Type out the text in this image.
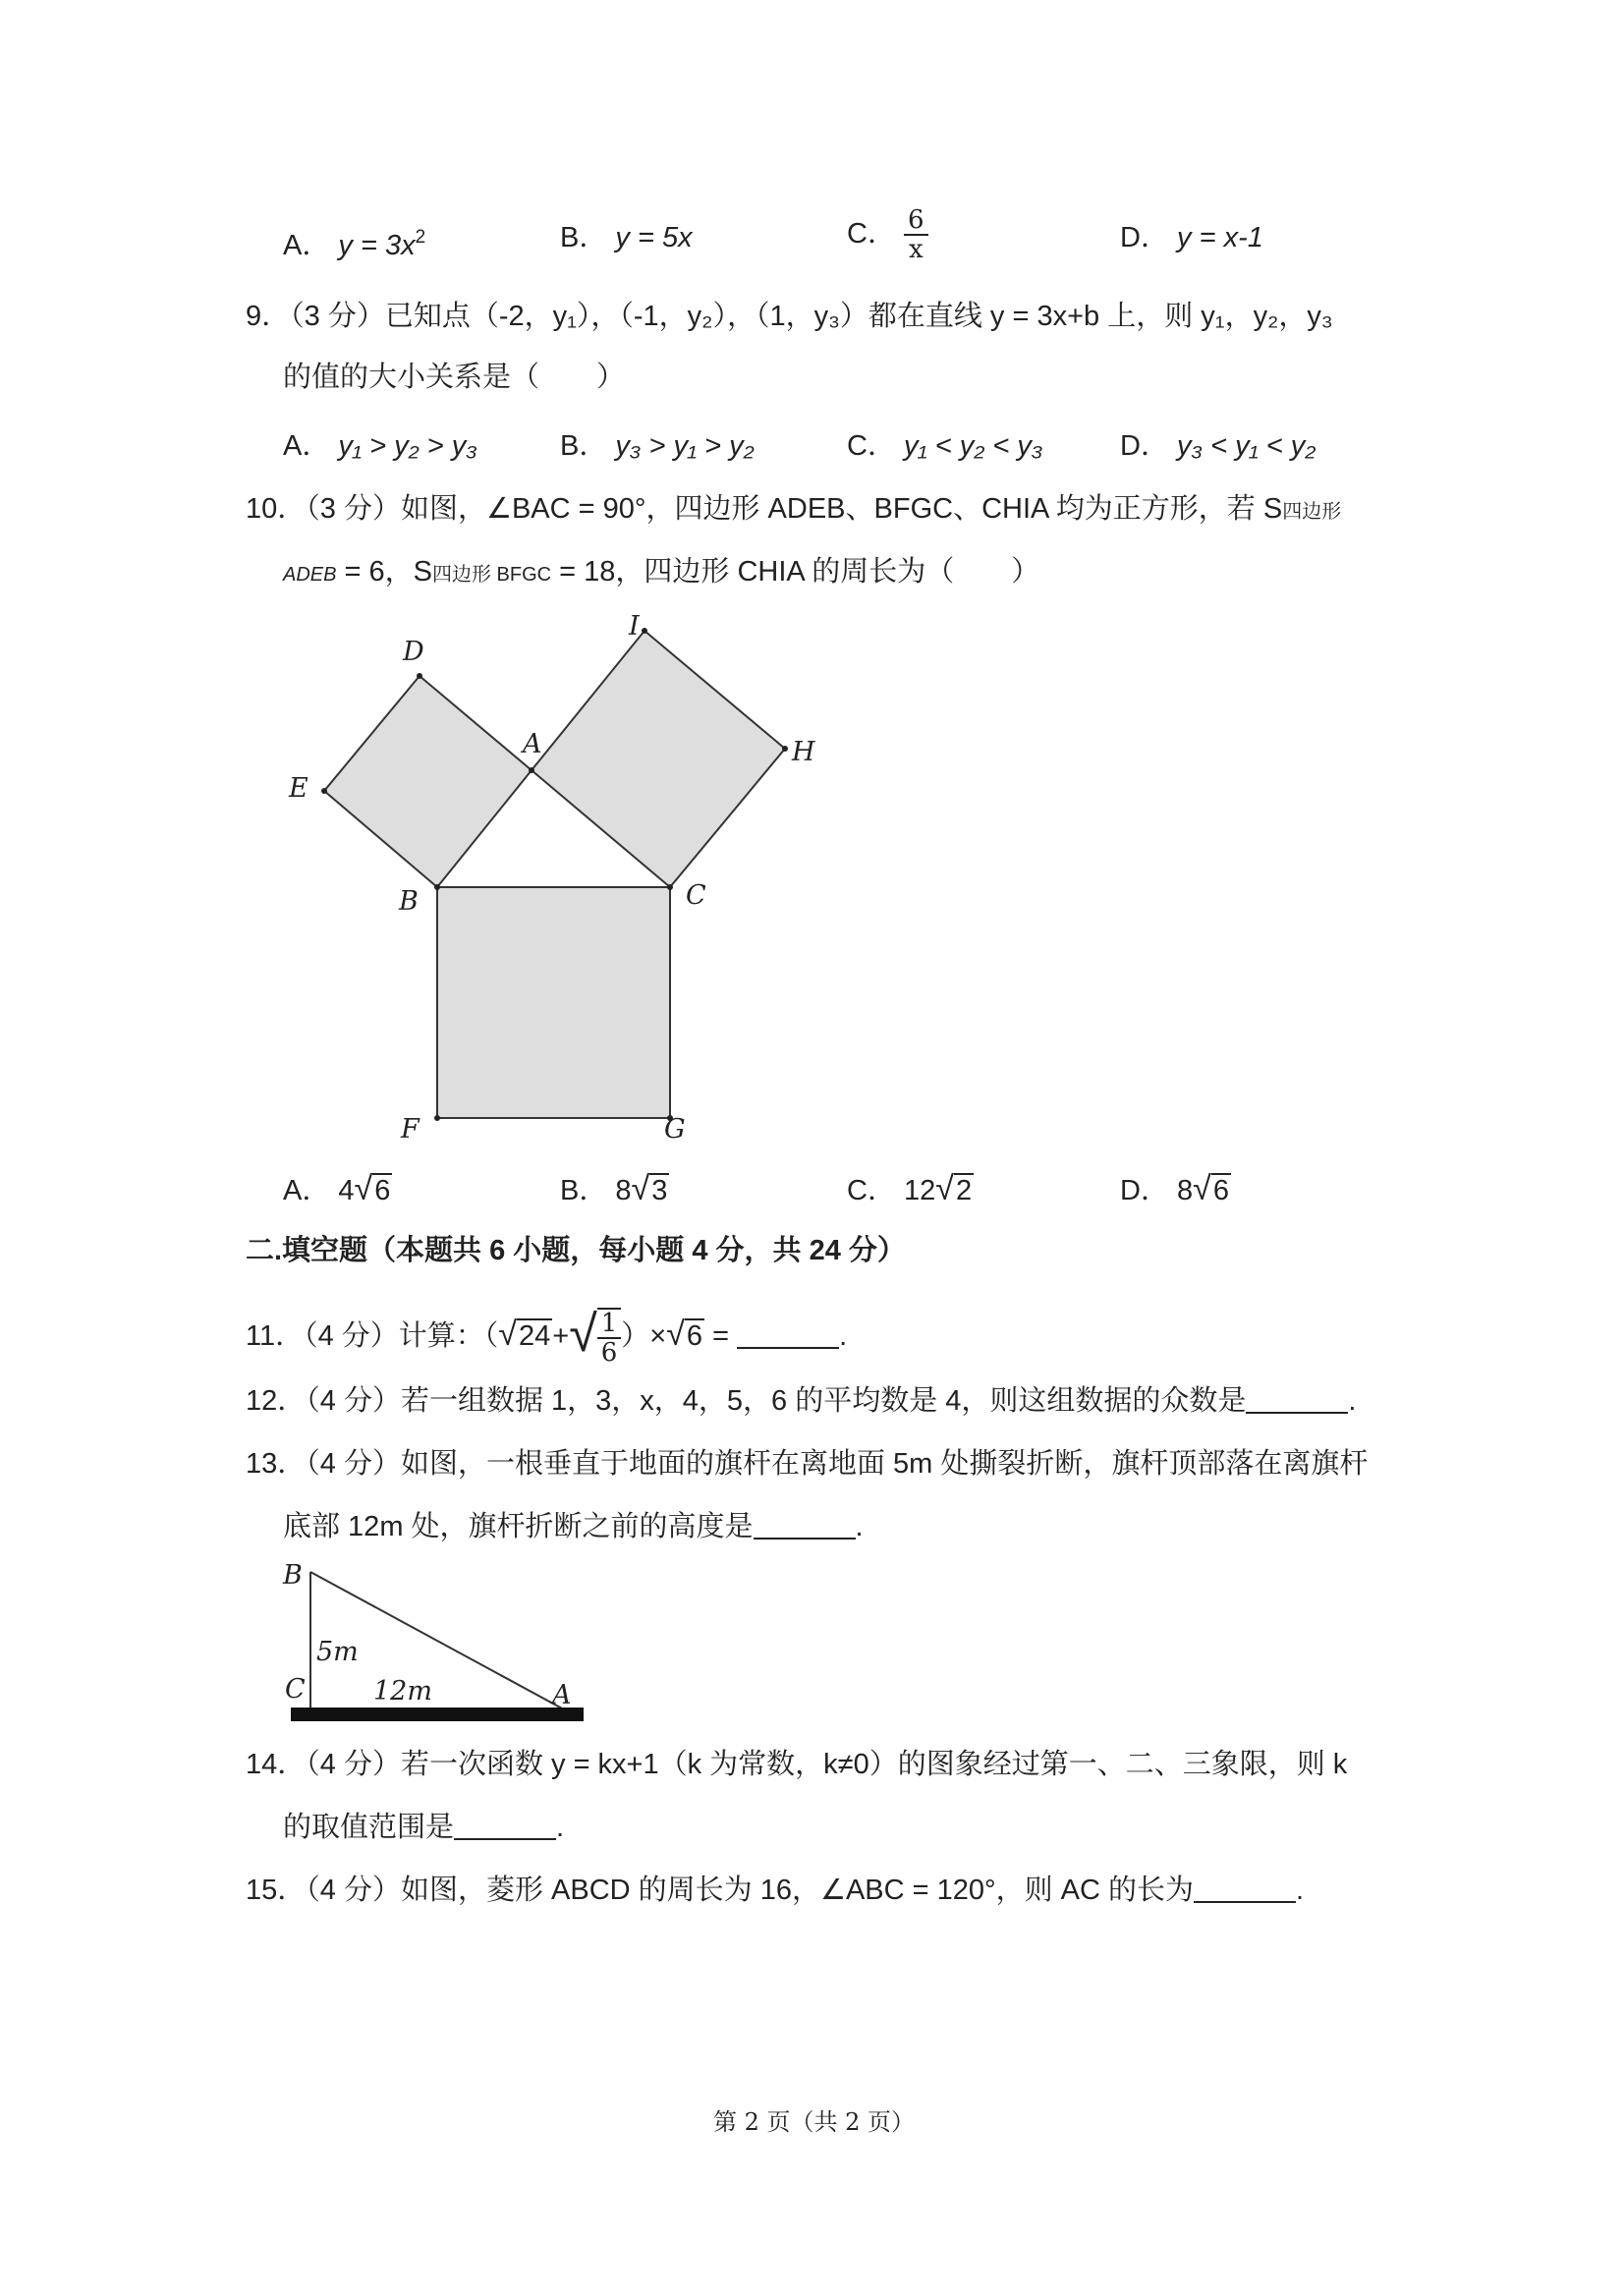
A． $y = 3x^2$	B． y = 5x	C． $\frac{6}{x}$	D． y = x-1
9．（3 分）已知点（-2，y₁），（-1，y₂），（1，y₃）都在直线 y = 3x+b 上，则 y₁，y₂，y₃
的值的大小关系是（　　）
A． y₁ > y₂ > y₃	B． y₃ > y₁ > y₂	C． y₁ < y₂ < y₃	D． y₃ < y₁ < y₂
10．（3 分）如图，∠BAC = 90°，四边形 ADEB、BFGC、CHIA 均为正方形，若 S四边形
ADEB = 6，S四边形 BFGC = 18，四边形 CHIA 的周长为（　　）
D
I
A
E
H
B	C
F	G
A． 4√6	B． 8√3	C． 12√2	D． 8√6
二.填空题（本题共 6 小题，每小题 4 分，共 24 分）
11．（4 分）计算：$(√24+√ \frac{1}{6} )\times√6$ =	.
12．（4 分）若一组数据 1，3，x，4，5，6 的平均数是 4，则这组数据的众数是	.
13．（4 分）如图，一根垂直于地面的旗杆在离地面 5m 处撕裂折断，旗杆顶部落在离旗杆
底部 12m 处，旗杆折断之前的高度是	.
B
C	A
5m
12m
14．（4 分）若一次函数 y = kx+1（k 为常数，k≠0）的图象经过第一、二、三象限，则 k
的取值范围是	.
15．（4 分）如图，菱形 ABCD 的周长为 16，∠ABC = 120°，则 AC 的长为	.
第 2 页（共 2 页）
